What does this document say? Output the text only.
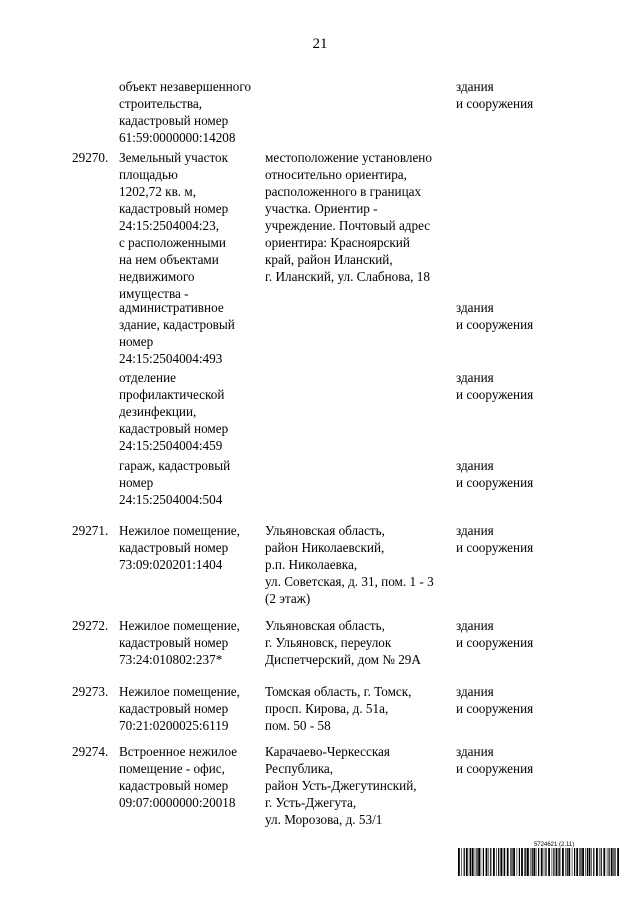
21
объект незавершенного
строительства,
кадастровый номер
61:59:0000000:14208
здания
и сооружения
29270. Земельный участок
площадью
1202,72 кв. м,
кадастровый номер
24:15:2504004:23,
с расположенными
на нем объектами
недвижимого
имущества -
местоположение установлено
относительно ориентира,
расположенного в границах
участка. Ориентир -
учреждение. Почтовый адрес
ориентира: Красноярский
край, район Иланский,
г. Иланский, ул. Слабнова, 18
административное
здание, кадастровый
номер
24:15:2504004:493
здания
и сооружения
отделение
профилактической
дезинфекции,
кадастровый номер
24:15:2504004:459
здания
и сооружения
гараж, кадастровый
номер
24:15:2504004:504
здания
и сооружения
29271. Нежилое помещение,
кадастровый номер
73:09:020201:1404
Ульяновская область,
район Николаевский,
р.п. Николаевка,
ул. Советская, д. 31, пом. 1 - 3
(2 этаж)
здания
и сооружения
29272. Нежилое помещение,
кадастровый номер
73:24:010802:237*
Ульяновская область,
г. Ульяновск, переулок
Диспетчерский, дом № 29А
здания
и сооружения
29273. Нежилое помещение,
кадастровый номер
70:21:0200025:6119
Томская область, г. Томск,
просп. Кирова, д. 51а,
пом. 50 - 58
здания
и сооружения
29274. Встроенное нежилое
помещение - офис,
кадастровый номер
09:07:0000000:20018
Карачаево-Черкесская
Республика,
район Усть-Джегутинский,
г. Усть-Джегута,
ул. Морозова, д. 53/1
здания
и сооружения
5724621 (2.11)
